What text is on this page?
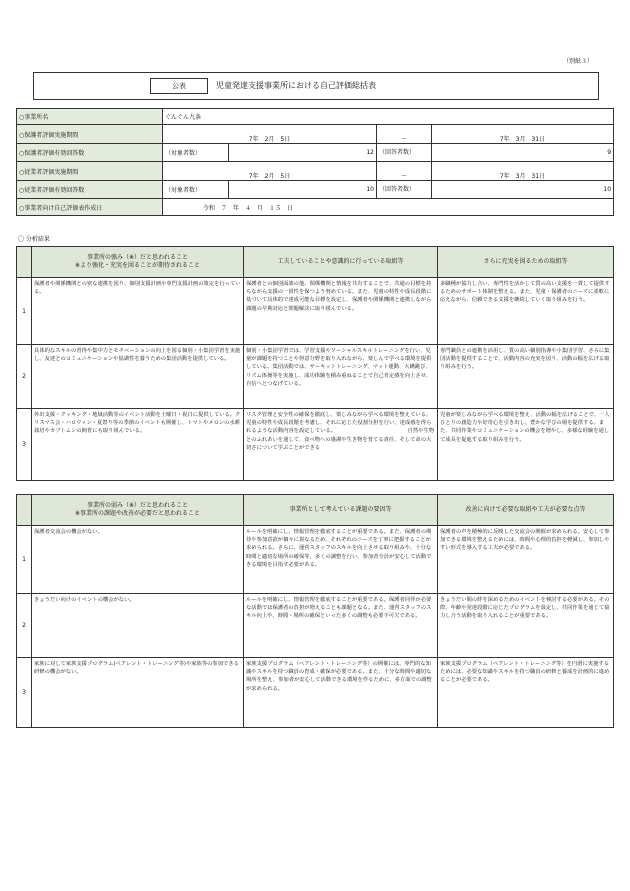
（別紙３）
公表	児童発達支援事業所における自己評価総括表
○事業所名	ぐんぐん九条			
○保護者評価実施期間	7年　2月　5日		～	7年　3月　31日
○保護者評価有効回答数	（対象者数）	12	（回答者数）	9
○従業者評価実施期間	7年　2月　5日		～	7年　3月　31日
○従業者評価有効回答数	（対象者数）	10	（回答者数）	10
○事業者向け自己評価表作成日	令和　７　年　４　月　１５　日			
〇 分析結果
	事業所の強み（※）だと思われること
※より強化・充実を図ることが期待されること	工夫していることや意識的に行っている取組等	さらに充実を図るための取組等
1	保護者や関係機関との密な連携を図り、個別支援計画や専門支援計画の策定を行っている。	保護者との個別面談の他、関係機関と情報を共有することで、共通の目標を持ちながら支援の一貫性を保つよう努めている。また、児童の特性や成長段階に基づいて具体的で達成可能な目標を設定し、保護者や関係機関と連携しながら課題の早期対応と問題解決に取り組んでいる。	多職種が協力し合い、専門性を活かして質の高い支援を一貫して提供するためのサポート体制を整える。また、児童・保護者のニーズに柔軟に応えながら、信頼できる支援を継続していく取り組みを行う。
2	具体的なスキルの習得や集中力とモチベーションの向上を図る個別・小集団学習を実施し、友達とのコミュニケーションや協調性を養うための集団活動を提供している。	個別・小集団学習では、学習支援やソーシャルスキルトレーニングを行い、児童が課題を持つことや得意分野を取り入れながら、楽しんで学べる環境を提供している。集団活動では、サーキットトレーニング、マット運動、大縄跳び、リズム体操等を実施し、成功体験を積み重ねることで自己肯定感を向上させ、自信へとつなげている。	専門職員との連携を活用し、質の高い個別指導や小集団学習、さらに集団活動を提供することで、活動内容の充実を図り、活動の幅を広げる取り組みを行う。
3	外出支援・クッキング・地域活動等のイベント活動を土曜日・祝日に提供している。クリスマス会・ハロウィン・夏祭り等の季節のイベントも開催し、トマトやメロンの水耕栽培やカブトムシの飼育にも取り組んでいる。	リスク管理と安全性の確保を徹底し、楽しみながら学べる環境を整えている。児童の特性や成長段階を考慮し、それに応じた役割分担を行い、達成感を得られるような活動内容を設定している。　　　　　　　　　　　　　　自然や生物とのふれあいを通して、食べ物への感謝や生き物を育てる責任、そして命の大切さについて学ぶことができる	児童が楽しみながら学べる環境を整え、活動の幅を広げることで、一人ひとりの創造力や好奇心を引き出し、豊かな学びの場を提供する。また、共同作業やコミュニケーションの機会を増やし、多様な経験を通して成長を促進する取り組みを行う。
	事業所の弱み（※）だと思われること
※事業所の課題や改善が必要だと思われること	事業所として考えている課題の要因等	改善に向けて必要な取組や工夫が必要な点等
1	保護者交流会の機会がない。	ルールを明確にし、情報管理を徹底することが重要である。また、保護者の期待や参加意欲が個々に異なるため、それぞれのニーズを丁寧に把握することが求められる。さらに、運営スタッフのスキルを向上させる取り組みや、十分な時間と適切な場所の確保等、多くの調整を行い、参加者全員が安心して活動できる環境を目指す必要がある。	保護者の声を積極的に反映した交流会の開催が求められる。安心して参加できる環境を整えるためには、時間や心理的負担を軽減し、参加しやすい形式を導入する工夫が必要である。
2	きょうだい向けのイベントの機会がない。	ルールを明確にし、情報管理を徹底することが重要である。保護者同伴が必要な活動では保護者の負担が増えることも課題となる。また、運営スタッフのスキル向上や、時間・場所の確保といった多くの調整も必要不可欠である。	きょうだい間の絆を深めるためのイベントを検討する必要がある。その際、年齢や発達段階に応じたプログラムを設定し、共同作業を通じて協力し合う活動を取り入れることが重要である。
3	家族に対して家族支援プログラム(ペアレント・トレーニング等)や家族等の参加できる研修の機会がない。	家族支援プログラム（ペアレント・トレーニング等）の開催には、専門的な知識やスキルを持つ職員の育成・確保が必要である。また、十分な時間や適切な場所を整え、参加者が安心して活動できる環境を作るために、多方面での調整が求められる。	家族支援プログラム（ペアレント・トレーニング等）を円滑に実施するためには、必要な知識やスキルを持つ職員の研修と養成を計画的に進めることが必要である。
